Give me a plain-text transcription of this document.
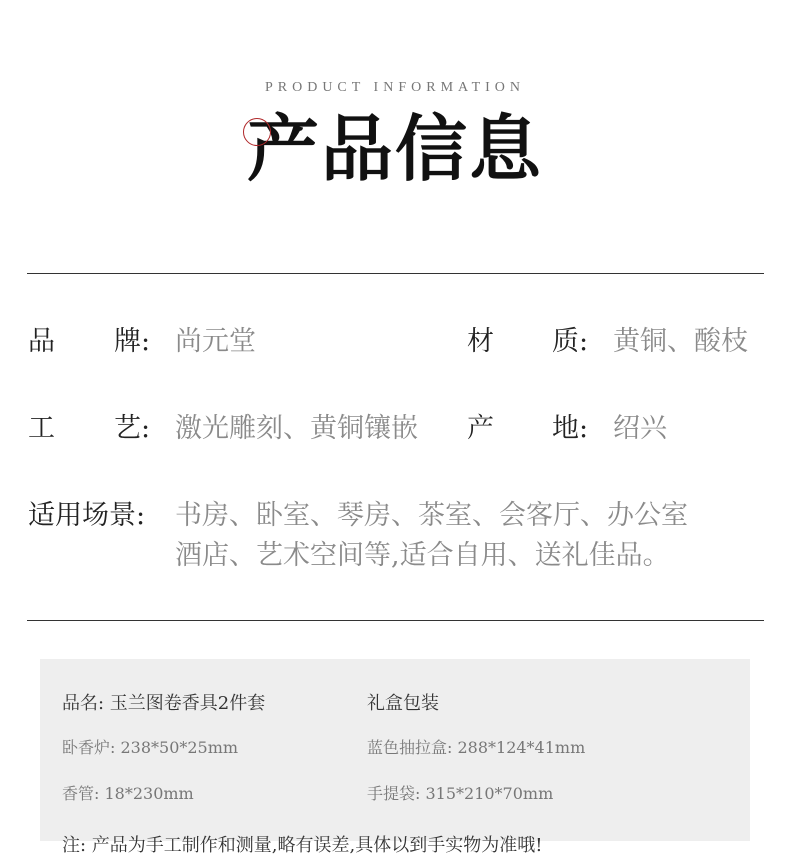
PRODUCT INFORMATION
产品信息
品 牌: 尚元堂	材 质: 黄铜、酸枝
工 艺: 激光雕刻、黄铜镶嵌 产 地: 绍兴
适用场景: 书房、卧室、琴房、茶室、会客厅、办公室
酒店、艺术空间等,适合自用、送礼佳品。
品名: 玉兰图卷香具2件套	礼盒包装
卧香炉: 238*50*25mm	蓝色抽拉盒: 288*124*41mm
香管: 18*230mm	手提袋: 315*210*70mm
注: 产品为手工制作和测量,略有误差,具体以到手实物为准哦!
